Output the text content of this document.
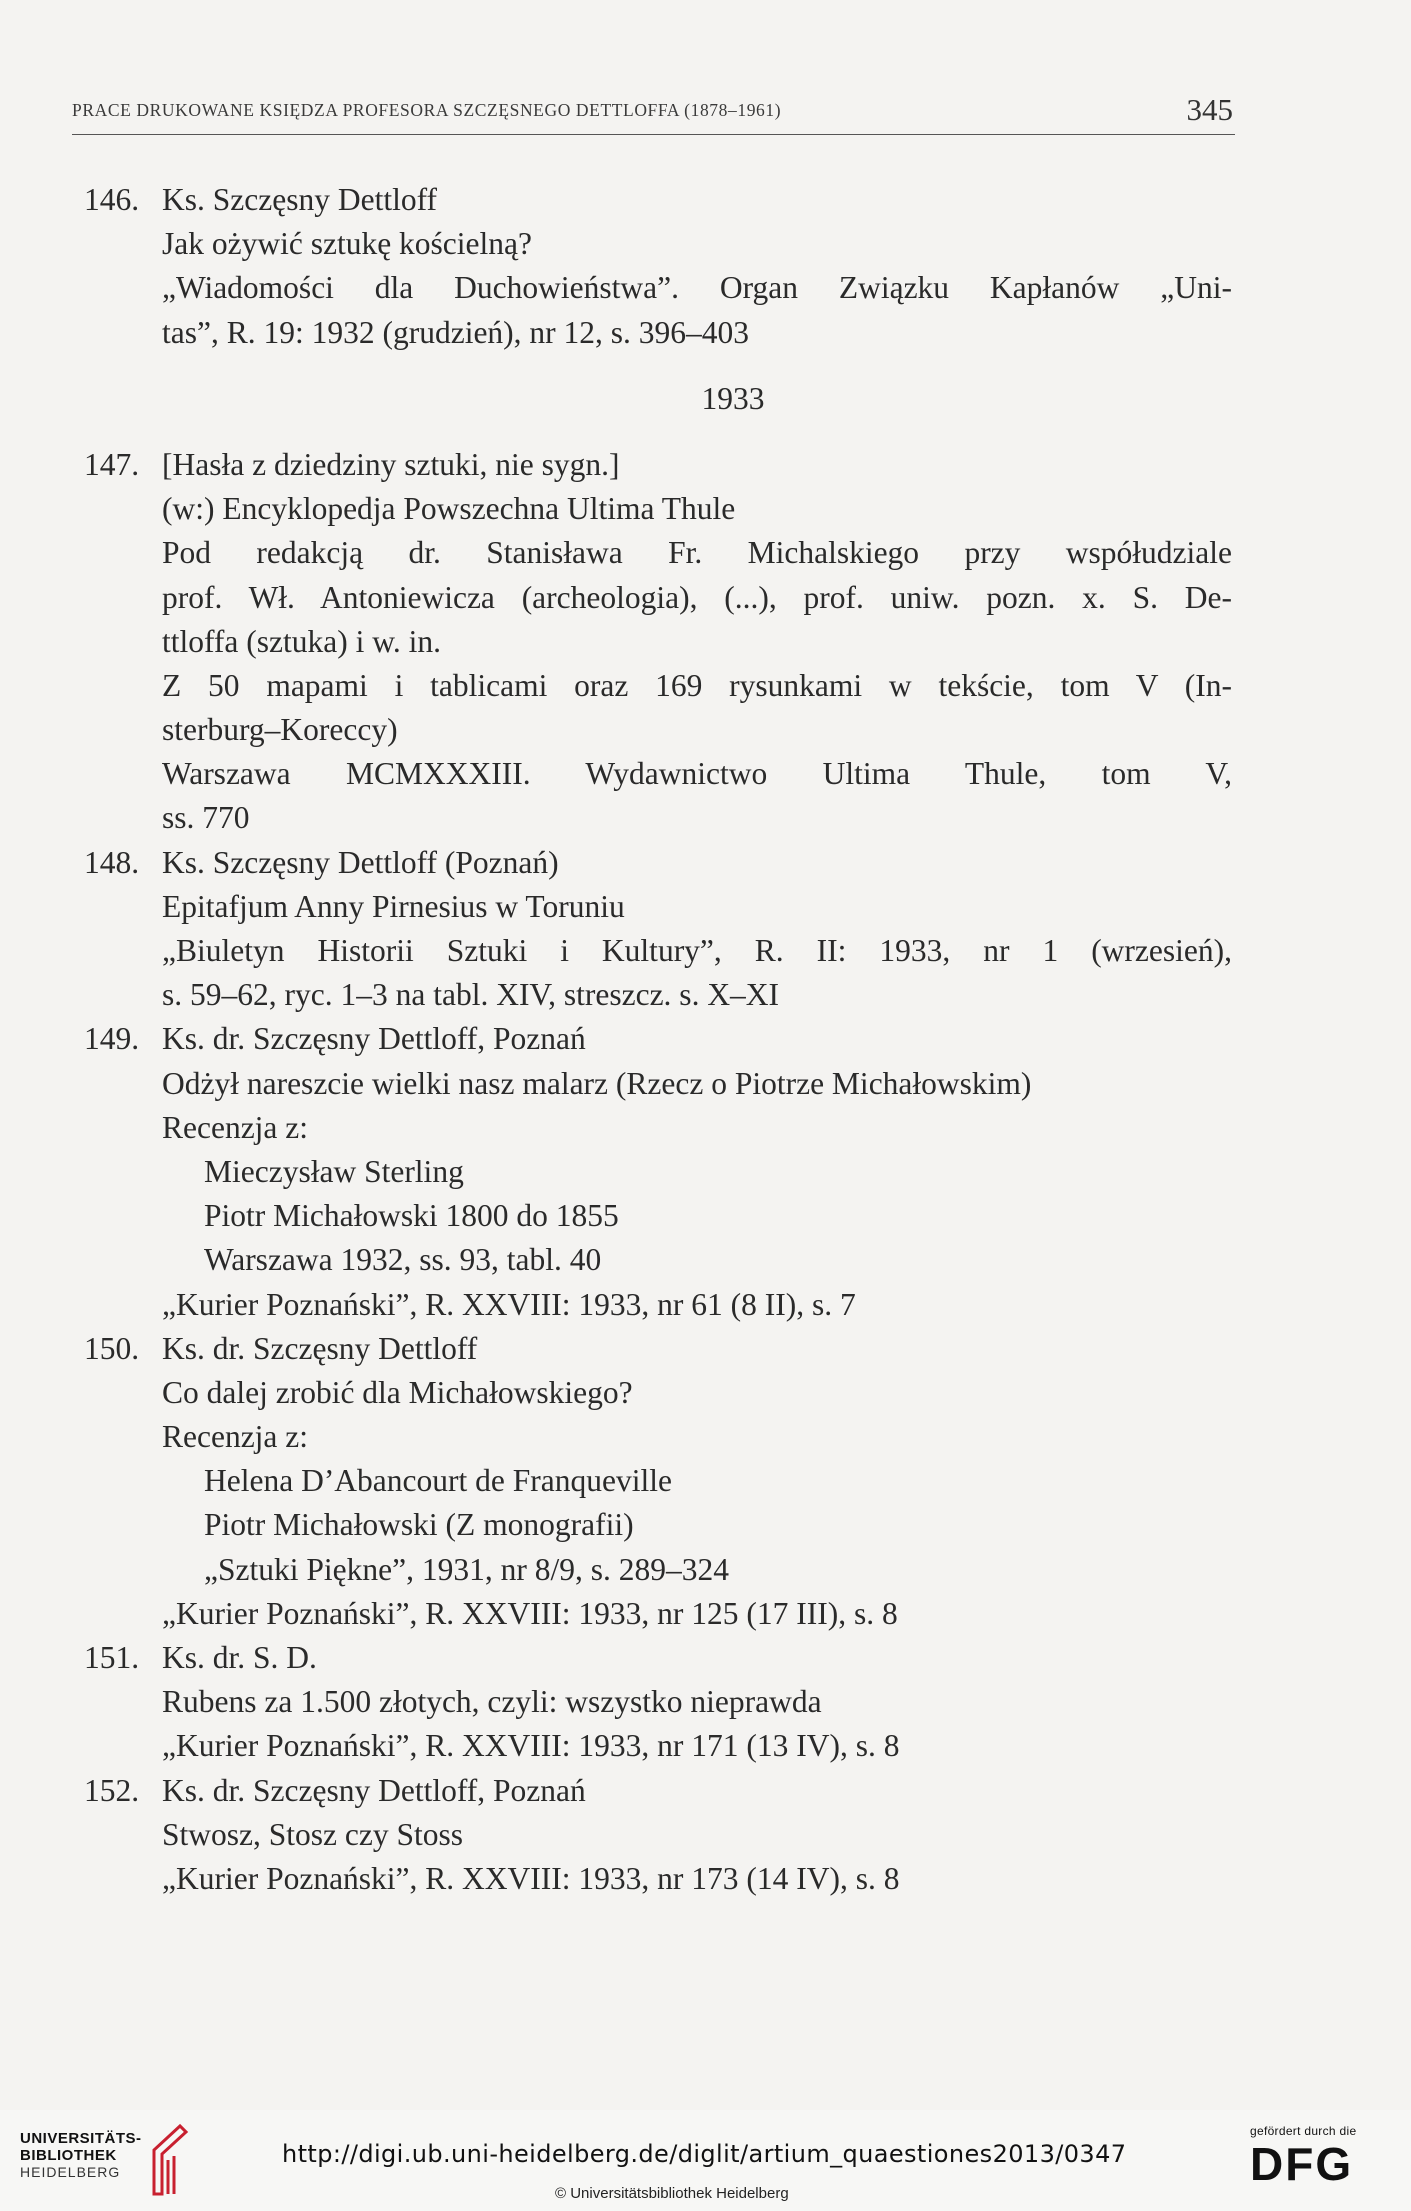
PRACE DRUKOWANE KSIĘDZA PROFESORA SZCZĘSNEGO DETTLOFFA (1878–1961)	345
146. Ks. Szczęsny Dettloff
Jak ożywić sztukę kościelną?
„Wiadomości dla Duchowieństwa”. Organ Związku Kapłanów „Uni-
tas”, R. 19: 1932 (grudzień), nr 12, s. 396–403
1933
147. [Hasła z dziedziny sztuki, nie sygn.]
(w:) Encyklopedja Powszechna Ultima Thule
Pod redakcją dr. Stanisława Fr. Michalskiego przy współudziale
prof. Wł. Antoniewicza (archeologia), (...), prof. uniw. pozn. x. S. De-
ttloffa (sztuka) i w. in.
Z 50 mapami i tablicami oraz 169 rysunkami w tekście, tom V (In-
sterburg–Koreccy)
Warszawa MCMXXXIII. Wydawnictwo Ultima Thule, tom V,
ss. 770
148. Ks. Szczęsny Dettloff (Poznań)
Epitafjum Anny Pirnesius w Toruniu
„Biuletyn Historii Sztuki i Kultury”, R. II: 1933, nr 1 (wrzesień),
s. 59–62, ryc. 1–3 na tabl. XIV, streszcz. s. X–XI
149. Ks. dr. Szczęsny Dettloff, Poznań
Odżył nareszcie wielki nasz malarz (Rzecz o Piotrze Michałowskim)
Recenzja z:
Mieczysław Sterling
Piotr Michałowski 1800 do 1855
Warszawa 1932, ss. 93, tabl. 40
„Kurier Poznański”, R. XXVIII: 1933, nr 61 (8 II), s. 7
150. Ks. dr. Szczęsny Dettloff
Co dalej zrobić dla Michałowskiego?
Recenzja z:
Helena D’Abancourt de Franqueville
Piotr Michałowski (Z monografii)
„Sztuki Piękne”, 1931, nr 8/9, s. 289–324
„Kurier Poznański”, R. XXVIII: 1933, nr 125 (17 III), s. 8
151. Ks. dr. S. D.
Rubens za 1.500 złotych, czyli: wszystko nieprawda
„Kurier Poznański”, R. XXVIII: 1933, nr 171 (13 IV), s. 8
152. Ks. dr. Szczęsny Dettloff, Poznań
Stwosz, Stosz czy Stoss
„Kurier Poznański”, R. XXVIII: 1933, nr 173 (14 IV), s. 8
UNIVERSITÄTS-
BIBLIOTHEK
HEIDELBERG
http://digi.ub.uni-heidelberg.de/diglit/artium_quaestiones2013/0347
© Universitätsbibliothek Heidelberg
gefördert durch die
DFG
